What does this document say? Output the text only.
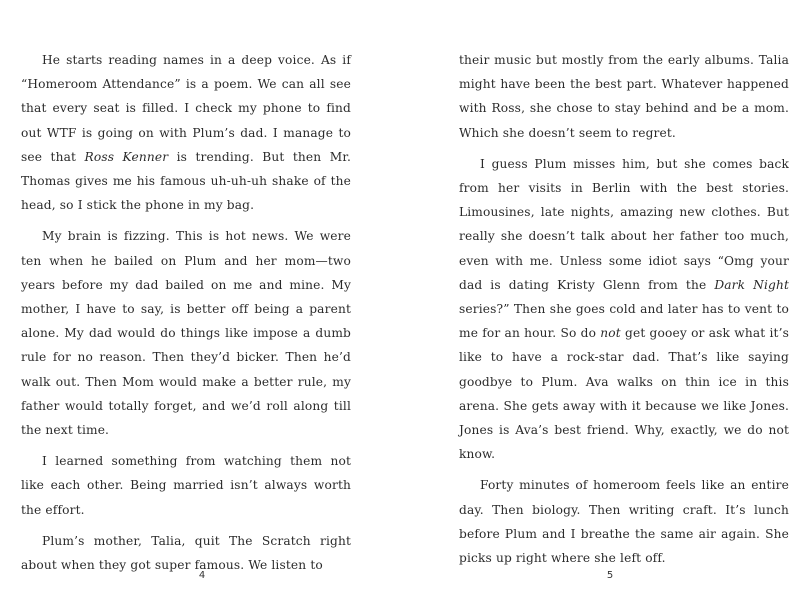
He starts reading names in a deep voice. As if “Homeroom Attendance” is a poem. We can all see that every seat is filled. I check my phone to find out WTF is going on with Plum’s dad. I manage to see that Ross Kenner is trending. But then Mr. Thomas gives me his famous uh-uh-uh shake of the head, so I stick the phone in my bag.

My brain is fizzing. This is hot news. We were ten when he bailed on Plum and her mom—two years before my dad bailed on me and mine. My mother, I have to say, is better off being a parent alone. My dad would do things like impose a dumb rule for no reason. Then they’d bicker. Then he’d walk out. Then Mom would make a better rule, my father would totally forget, and we’d roll along till the next time.

I learned something from watching them not like each other. Being married isn’t always worth the effort.

Plum’s mother, Talia, quit The Scratch right about when they got super famous. We listen to

4

their music but mostly from the early albums. Talia might have been the best part. Whatever happened with Ross, she chose to stay behind and be a mom. Which she doesn’t seem to regret.

I guess Plum misses him, but she comes back from her visits in Berlin with the best stories. Limousines, late nights, amazing new clothes. But really she doesn’t talk about her father too much, even with me. Unless some idiot says “Omg your dad is dating Kristy Glenn from the Dark Night series?” Then she goes cold and later has to vent to me for an hour. So do not get gooey or ask what it’s like to have a rock-star dad. That’s like saying goodbye to Plum. Ava walks on thin ice in this arena. She gets away with it because we like Jones. Jones is Ava’s best friend. Why, exactly, we do not know.

Forty minutes of homeroom feels like an entire day. Then biology. Then writing craft. It’s lunch before Plum and I breathe the same air again. She picks up right where she left off.

5
